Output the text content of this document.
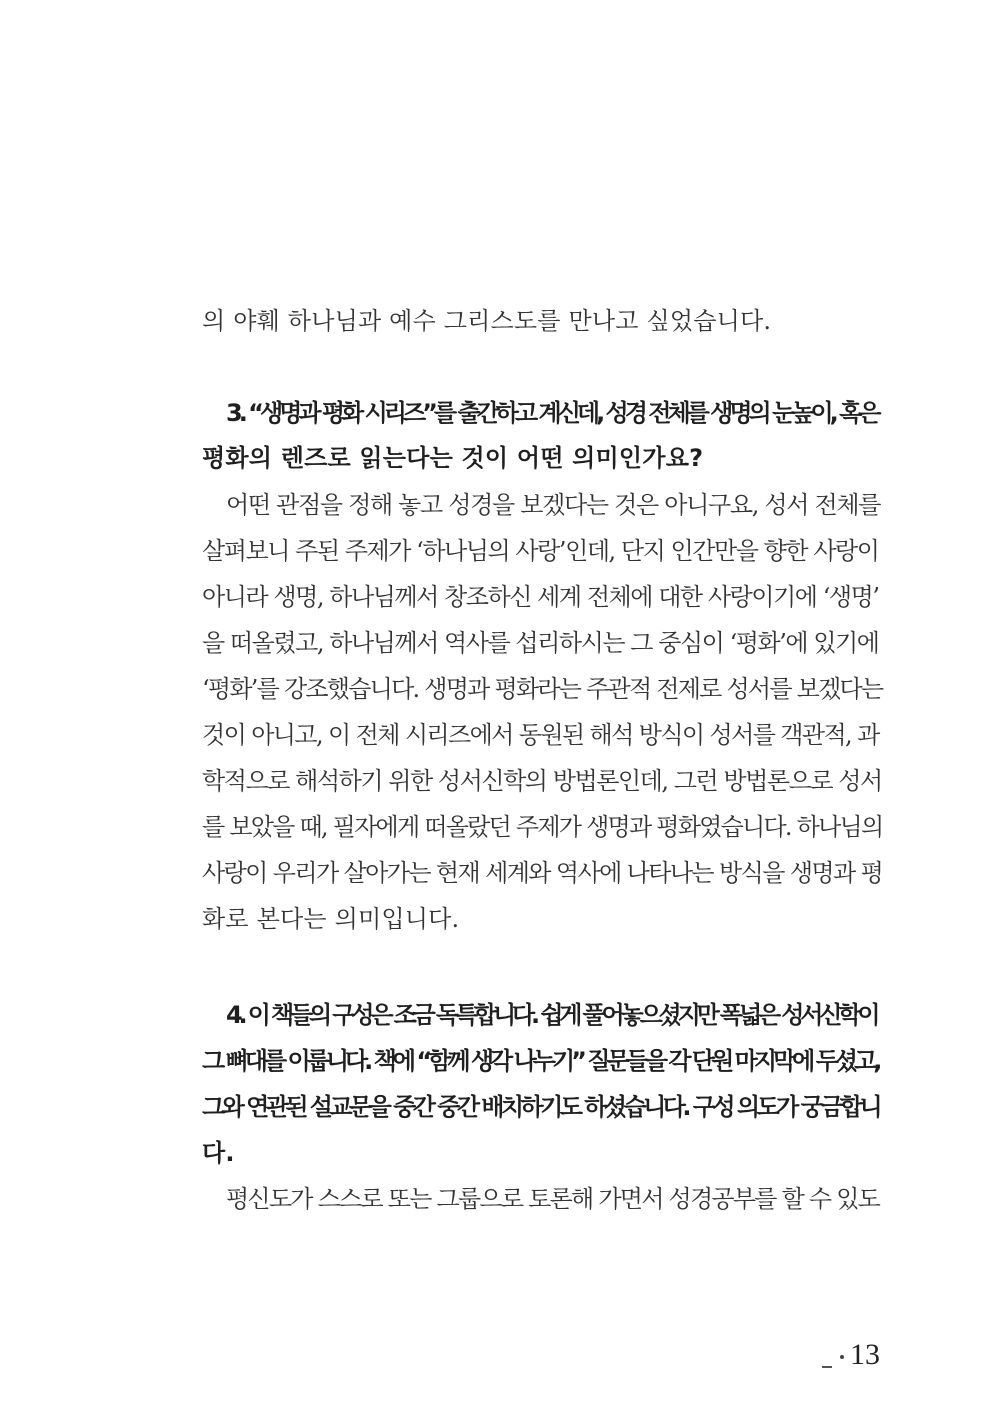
의 야훼 하나님과 예수 그리스도를 만나고 싶었습니다.
3. “생명과 평화 시리즈”를 출간하고 계신데, 성경 전체를 생명의 눈높이, 혹은
평화의 렌즈로 읽는다는 것이 어떤 의미인가요?
어떤 관점을 정해 놓고 성경을 보겠다는 것은 아니구요, 성서 전체를
살펴보니 주된 주제가 ‘하나님의 사랑’인데, 단지 인간만을 향한 사랑이
아니라 생명, 하나님께서 창조하신 세계 전체에 대한 사랑이기에 ‘생명’
을 떠올렸고, 하나님께서 역사를 섭리하시는 그 중심이 ‘평화’에 있기에
‘평화’를 강조했습니다. 생명과 평화라는 주관적 전제로 성서를 보겠다는
것이 아니고, 이 전체 시리즈에서 동원된 해석 방식이 성서를 객관적, 과
학적으로 해석하기 위한 성서신학의 방법론인데, 그런 방법론으로 성서
를 보았을 때, 필자에게 떠올랐던 주제가 생명과 평화였습니다. 하나님의
사랑이 우리가 살아가는 현재 세계와 역사에 나타나는 방식을 생명과 평
화로 본다는 의미입니다.
4. 이 책들의 구성은 조금 독특합니다. 쉽게 풀어놓으셨지만 폭넓은 성서신학이
그 뼈대를 이룹니다. 책에 “함께 생각 나누기” 질문들을 각 단원 마지막에 두셨고,
그와 연관된 설교문을 중간 중간 배치하기도 하셨습니다. 구성 의도가 궁금합니
다.
평신도가 스스로 또는 그룹으로 토론해 가면서 성경공부를 할 수 있도
13
